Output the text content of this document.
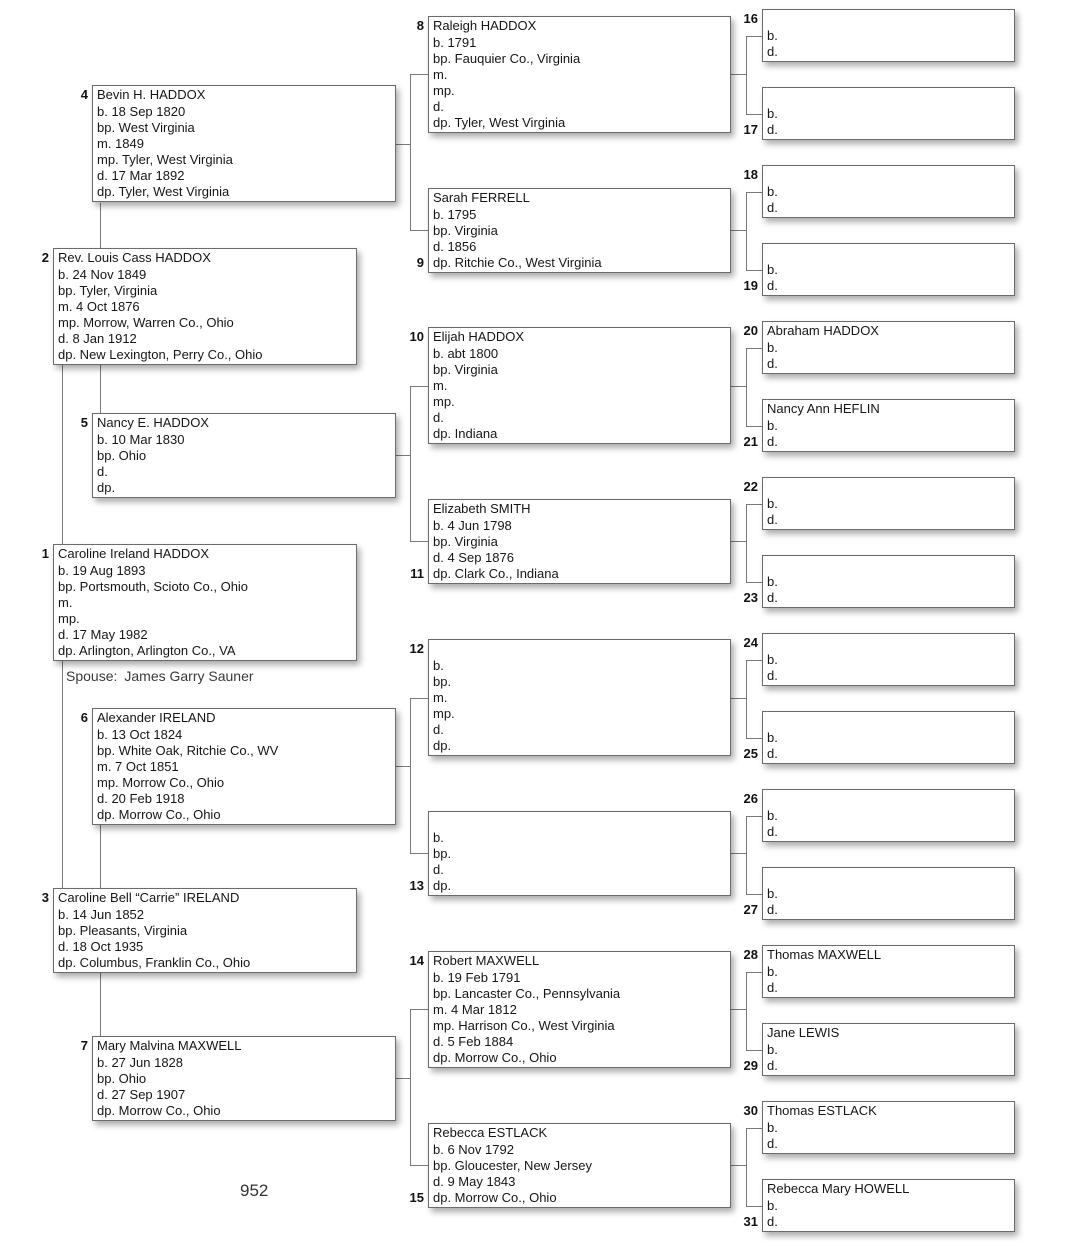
Caroline Ireland HADDOX
b. 19 Aug 1893
bp. Portsmouth, Scioto Co., Ohio
m.
mp.
d. 17 May 1982
dp. Arlington, Arlington Co., VA
1
Rev. Louis Cass HADDOX
b. 24 Nov 1849
bp. Tyler, Virginia
m. 4 Oct 1876
mp. Morrow, Warren Co., Ohio
d. 8 Jan 1912
dp. New Lexington, Perry Co., Ohio
2
Caroline Bell “Carrie” IRELAND
b. 14 Jun 1852
bp. Pleasants, Virginia
d. 18 Oct 1935
dp. Columbus, Franklin Co., Ohio
3
Bevin H. HADDOX
b. 18 Sep 1820
bp. West Virginia
m. 1849
mp. Tyler, West Virginia
d. 17 Mar 1892
dp. Tyler, West Virginia
4
Nancy E. HADDOX
b. 10 Mar 1830
bp. Ohio
d.
dp.
5
Alexander IRELAND
b. 13 Oct 1824
bp. White Oak, Ritchie Co., WV
m. 7 Oct 1851
mp. Morrow Co., Ohio
d. 20 Feb 1918
dp. Morrow Co., Ohio
6
Mary Malvina MAXWELL
b. 27 Jun 1828
bp. Ohio
d. 27 Sep 1907
dp. Morrow Co., Ohio
7
Raleigh HADDOX
b. 1791
bp. Fauquier Co., Virginia
m.
mp.
d.
dp. Tyler, West Virginia
8
Sarah FERRELL
b. 1795
bp. Virginia
d. 1856
dp. Ritchie Co., West Virginia
9
Elijah HADDOX
b. abt 1800
bp. Virginia
m.
mp.
d.
dp. Indiana
10
Elizabeth SMITH
b. 4 Jun 1798
bp. Virginia
d. 4 Sep 1876
dp. Clark Co., Indiana
11
b.
bp.
m.
mp.
d.
dp.
12
b.
bp.
d.
dp.
13
Robert MAXWELL
b. 19 Feb 1791
bp. Lancaster Co., Pennsylvania
m. 4 Mar 1812
mp. Harrison Co., West Virginia
d. 5 Feb 1884
dp. Morrow Co., Ohio
14
Rebecca ESTLACK
b. 6 Nov 1792
bp. Gloucester, New Jersey
d. 9 May 1843
dp. Morrow Co., Ohio
15
b.
d.
16
b.
d.
17
b.
d.
18
b.
d.
19
Abraham HADDOX
b.
d.
20
Nancy Ann HEFLIN
b.
d.
21
b.
d.
22
b.
d.
23
b.
d.
24
b.
d.
25
b.
d.
26
b.
d.
27
Thomas MAXWELL
b.
d.
28
Jane LEWIS
b.
d.
29
Thomas ESTLACK
b.
d.
30
Rebecca Mary HOWELL
b.
d.
31
Spouse: James Garry Sauner
952
